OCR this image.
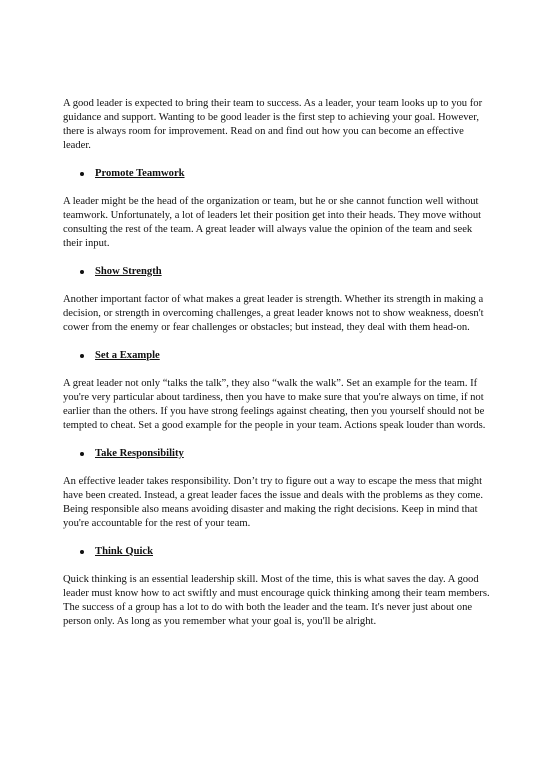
A good leader is expected to bring their team to success. As a leader, your team looks up to you for guidance and support. Wanting to be good leader is the first step to achieving your goal. However, there is always room for improvement. Read on and find out how you can become an effective leader.

Promote Teamwork

A leader might be the head of the organization or team, but he or she cannot function well without teamwork. Unfortunately, a lot of leaders let their position get into their heads. They move without consulting the rest of the team. A great leader will always value the opinion of the team and seek their input.

Show Strength

Another important factor of what makes a great leader is strength. Whether its strength in making a decision, or strength in overcoming challenges, a great leader knows not to show weakness, doesn't cower from the enemy or fear challenges or obstacles; but instead, they deal with them head-on.

Set a Example

A great leader not only “talks the talk”, they also “walk the walk”. Set an example for the team. If you're very particular about tardiness, then you have to make sure that you're always on time, if not earlier than the others. If you have strong feelings against cheating, then you yourself should not be tempted to cheat. Set a good example for the people in your team. Actions speak louder than words.

Take Responsibility

An effective leader takes responsibility. Don’t try to figure out a way to escape the mess that might have been created. Instead, a great leader faces the issue and deals with the problems as they come. Being responsible also means avoiding disaster and making the right decisions. Keep in mind that you're accountable for the rest of your team.

Think Quick

Quick thinking is an essential leadership skill. Most of the time, this is what saves the day. A good leader must know how to act swiftly and must encourage quick thinking among their team members. The success of a group has a lot to do with both the leader and the team. It's never just about one person only. As long as you remember what your goal is, you'll be alright.
